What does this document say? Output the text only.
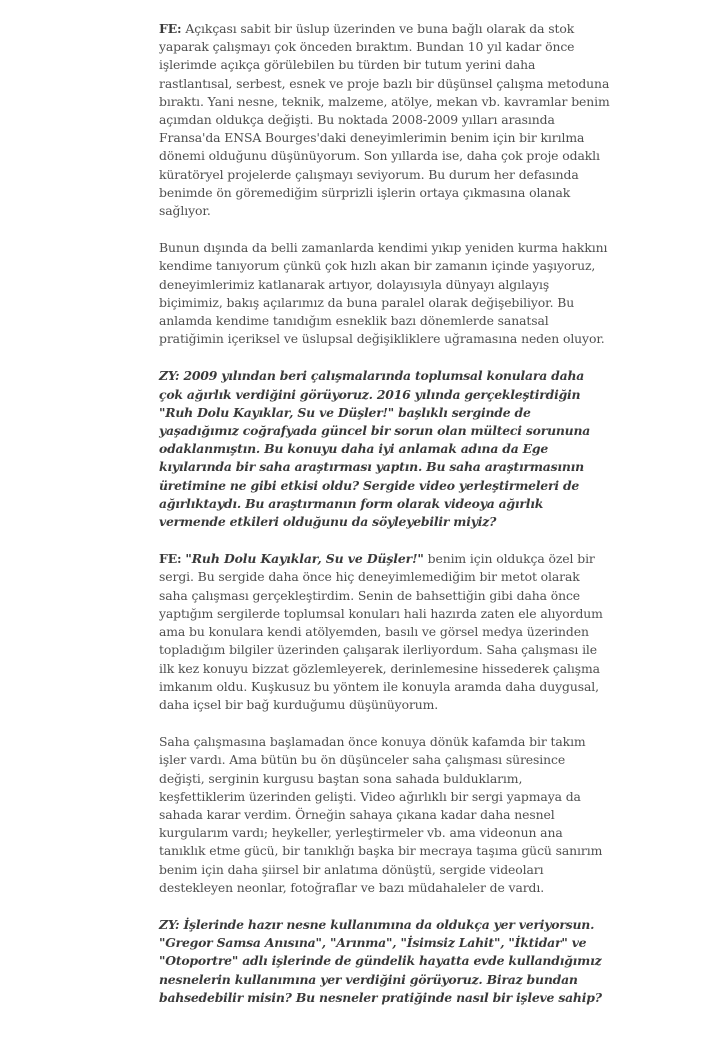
FE: Açıkçası sabit bir üslup üzerinden ve buna bağlı olarak da stok yaparak çalışmayı çok önceden bıraktım. Bundan 10 yıl kadar önce işlerimde açıkça görülebilen bu türden bir tutum yerini daha rastlantısal, serbest, esnek ve proje bazlı bir düşünsel çalışma metoduna bıraktı. Yani nesne, teknik, malzeme, atölye, mekan vb. kavramlar benim açımdan oldukça değişti. Bu noktada 2008-2009 yılları arasında Fransa'da ENSA Bourges'daki deneyimlerimin benim için bir kırılma dönemi olduğunu düşünüyorum. Son yıllarda ise, daha çok proje odaklı küratöryel projelerde çalışmayı seviyorum. Bu durum her defasında benimde ön göremediğim sürprizli işlerin ortaya çıkmasına olanak sağlıyor.

Bunun dışında da belli zamanlarda kendimi yıkıp yeniden kurma hakkını kendime tanıyorum çünkü çok hızlı akan bir zamanın içinde yaşıyoruz, deneyimlerimiz katlanarak artıyor, dolayısıyla dünyayı algılayış biçimimiz, bakış açılarımız da buna paralel olarak değişebiliyor. Bu anlamda kendime tanıdığım esneklik bazı dönemlerde sanatsal pratiğimin içeriksel ve üslupsal değişikliklere uğramasına neden oluyor.

ZY: 2009 yılından beri çalışmalarında toplumsal konulara daha çok ağırlık verdiğini görüyoruz. 2016 yılında gerçekleştirdiğin "Ruh Dolu Kayıklar, Su ve Düşler!" başlıklı serginde de yaşadığımız coğrafyada güncel bir sorun olan mülteci sorununa odaklanmıştın. Bu konuyu daha iyi anlamak adına da Ege kıyılarında bir saha araştırması yaptın. Bu saha araştırmasının üretimine ne gibi etkisi oldu? Sergide video yerleştirmeleri de ağırlıktaydı. Bu araştırmanın form olarak videoya ağırlık vermende etkileri olduğunu da söyleyebilir miyiz?

FE: "Ruh Dolu Kayıklar, Su ve Düşler!" benim için oldukça özel bir sergi. Bu sergide daha önce hiç deneyimlemediğim bir metot olarak saha çalışması gerçekleştirdim. Senin de bahsettiğin gibi daha önce yaptığım sergilerde toplumsal konuları hali hazırda zaten ele alıyordum ama bu konulara kendi atölyemden, basılı ve görsel medya üzerinden topladığım bilgiler üzerinden çalışarak ilerliyordum. Saha çalışması ile ilk kez konuyu bizzat gözlemleyerek, derinlemesine hissederek çalışma imkanım oldu. Kuşkusuz bu yöntem ile konuyla aramda daha duygusal, daha içsel bir bağ kurduğumu düşünüyorum.

Saha çalışmasına başlamadan önce konuya dönük kafamda bir takım işler vardı. Ama bütün bu ön düşünceler saha çalışması süresince değişti, serginin kurgusu baştan sona sahada bulduklarım, keşfettiklerim üzerinden gelişti. Video ağırlıklı bir sergi yapmaya da sahada karar verdim. Örneğin sahaya çıkana kadar daha nesnel kurgularım vardı; heykeller, yerleştirmeler vb. ama videonun ana tanıklık etme gücü, bir tanıklığı başka bir mecraya taşıma gücü sanırım benim için daha şiirsel bir anlatıma dönüştü, sergide videoları destekleyen neonlar, fotoğraflar ve bazı müdahaleler de vardı.

ZY: İşlerinde hazır nesne kullanımına da oldukça yer veriyorsun. "Gregor Samsa Anısına", "Arınma", "İsimsiz Lahit", "İktidar" ve "Otoportre" adlı işlerinde de gündelik hayatta evde kullandığımız nesnelerin kullanımına yer verdiğini görüyoruz. Biraz bundan bahsedebilir misin? Bu nesneler pratiğinde nasıl bir işleve sahip?
